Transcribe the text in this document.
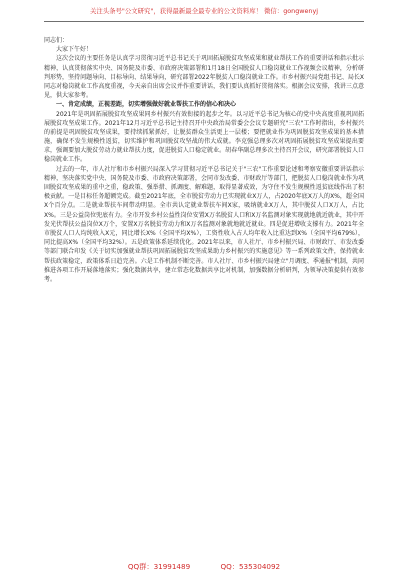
关注头条号"公文研究"，获得最新最全最专业的公文资料库！ 微信：gongwenyj

同志们：

大家下午好！

这次会议的主要任务是认真学习贯彻习近平总书记关于巩固拓展脱贫攻坚成果和就业帮扶工作的重要讲话和指示批示精神，认真贯彻落实中央、国务院及市委、市政府决策部署和1月18日全国脱贫人口稳岗就业工作视频会议精神，分析研判形势，坚持问题导向、目标导向、结果导向，研究部署2022年脱贫人口稳岗就业工作。市乡村振兴局党组书记、局长X同志对稳岗就业工作高度重视，今天亲自出席会议并作重要讲话，我们要认真抓好贯彻落实。根据会议安排，我讲三点意见，供大家参考。

一、肯定成绩，正视差距，切实增强做好就业帮扶工作的信心和决心

2021年是巩固拓展脱贫攻坚成果同乡村振兴有效衔接的起步之年。以习近平总书记为核心的党中央高度重视巩固拓展脱贫攻坚成果工作。2021年12月习近平总书记主持召开中央政治局常委会会议专题研究"三农"工作时指出，乡村振兴的前提是巩固脱贫攻坚成果，要持续抓紧抓好，让脱贫群众生活更上一层楼；要把就业作为巩固脱贫攻坚成果的基本措施，确保不发生规模性返贫，切实维护和巩固脱贫攻坚战的伟大成就。李克强总理多次对巩固拓展脱贫攻坚成果提出要求，强调要加大脱贫劳动力就业帮扶力度，促进脱贫人口稳定就业。胡春华副总理多次主持召开会议，研究部署脱贫人口稳岗就业工作。

过去的一年，市人社厅和市乡村振兴局深入学习贯彻习近平总书记关于"三农"工作重要论述和考察安徽重要讲话指示精神，坚决落实党中央、国务院及市委、市政府决策部署，会同市发改委、市财政厅等部门，把脱贫人口稳岗就业作为巩固脱贫攻坚成果的重中之重，稳政策、强举措、抓调度、解难题，取得显著成效，为守住不发生规模性返贫底线作出了积极贡献。一是目标任务超额完成。截至2021年底，全市脱贫劳动力已实现就业X万人，占2020年底X万人的X%，超全国X个百分点。二是就业帮扶车间带动明显。全市共认定就业帮扶车间X家，吸纳就业X万人，其中脱贫人口X万人，占比X%。三是公益岗位兜底有力。全市开发乡村公益性岗位安置X万名脱贫人口和X万名监测对象实现就地就近就业，其中开发光伏帮扶公益岗位X万个，安置X万名脱贫劳动力和X万名监测对象就地就近就业。四是促进增收支撑有力。2021年全市脱贫人口人均纯收入X元，同比增长X%（全国平均X%），工资性收入占人均年收入比重达到X%（全国平均679%），同比提高X%（全国平均32%）。五是政策体系延续优化。2021年以来，市人社厅、市乡村振兴局、市财政厅、市发改委等部门联合印发《关于切实加强就业帮扶巩固拓展脱贫攻坚成果助力乡村振兴的实施意见》等一系列政策文件，保持就业帮扶政策稳定，政策体系日趋完善。六是工作机制不断完善。市人社厅、市乡村振兴局建立"月调度、季通报"机制，共同推进各项工作开展落地落实；强化数据共享，建立常态化数据共享比对机制，加强数据分析研判，为领导决策提供有效参考。

QQ群：31991489	QQ：535304092
